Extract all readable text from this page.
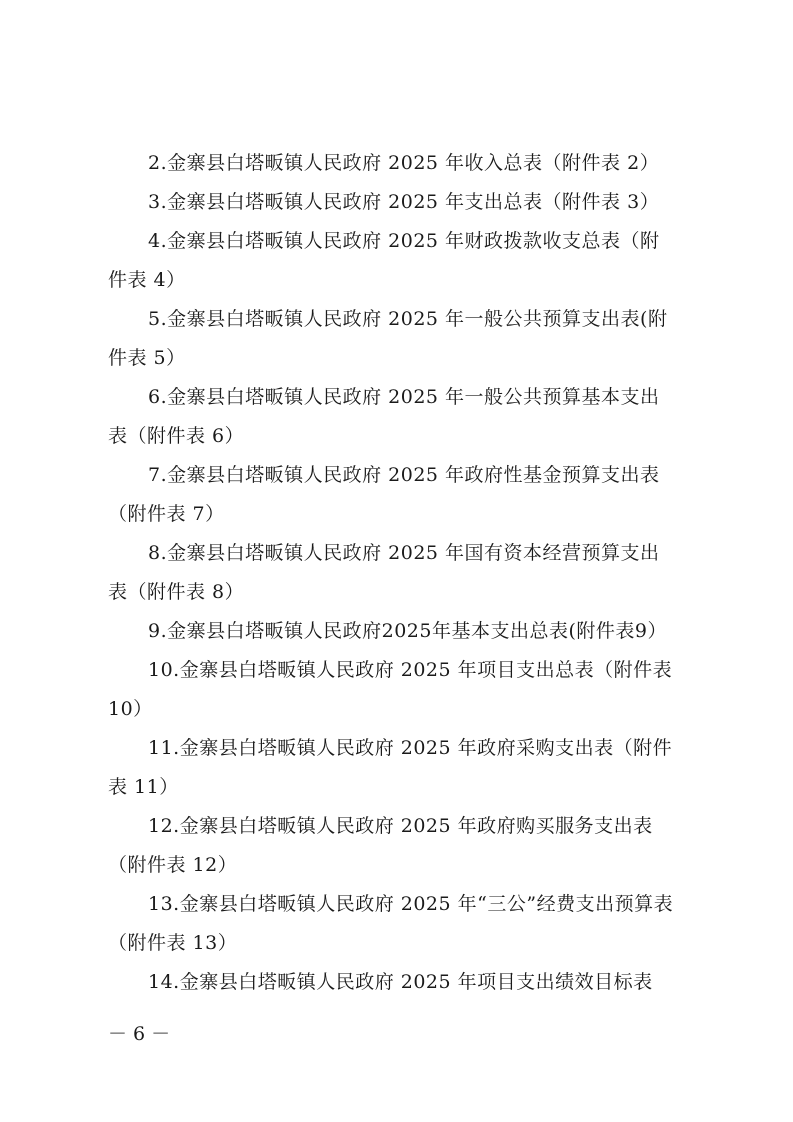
2.金寨县白塔畈镇人民政府 2025 年收入总表（附件表 2）
3.金寨县白塔畈镇人民政府 2025 年支出总表（附件表 3）
4.金寨县白塔畈镇人民政府 2025 年财政拨款收支总表（附
件表 4）
5.金寨县白塔畈镇人民政府 2025 年一般公共预算支出表(附
件表 5）
6.金寨县白塔畈镇人民政府 2025 年一般公共预算基本支出
表（附件表 6）
7.金寨县白塔畈镇人民政府 2025 年政府性基金预算支出表
（附件表 7）
8.金寨县白塔畈镇人民政府 2025 年国有资本经营预算支出
表（附件表 8）
9.金寨县白塔畈镇人民政府2025年基本支出总表(附件表9）
10.金寨县白塔畈镇人民政府 2025 年项目支出总表（附件表
10）
11.金寨县白塔畈镇人民政府 2025 年政府采购支出表（附件
表 11）
12.金寨县白塔畈镇人民政府 2025 年政府购买服务支出表
（附件表 12）
13.金寨县白塔畈镇人民政府 2025 年“三公”经费支出预算表
（附件表 13）
14.金寨县白塔畈镇人民政府 2025 年项目支出绩效目标表
－ 6 －
